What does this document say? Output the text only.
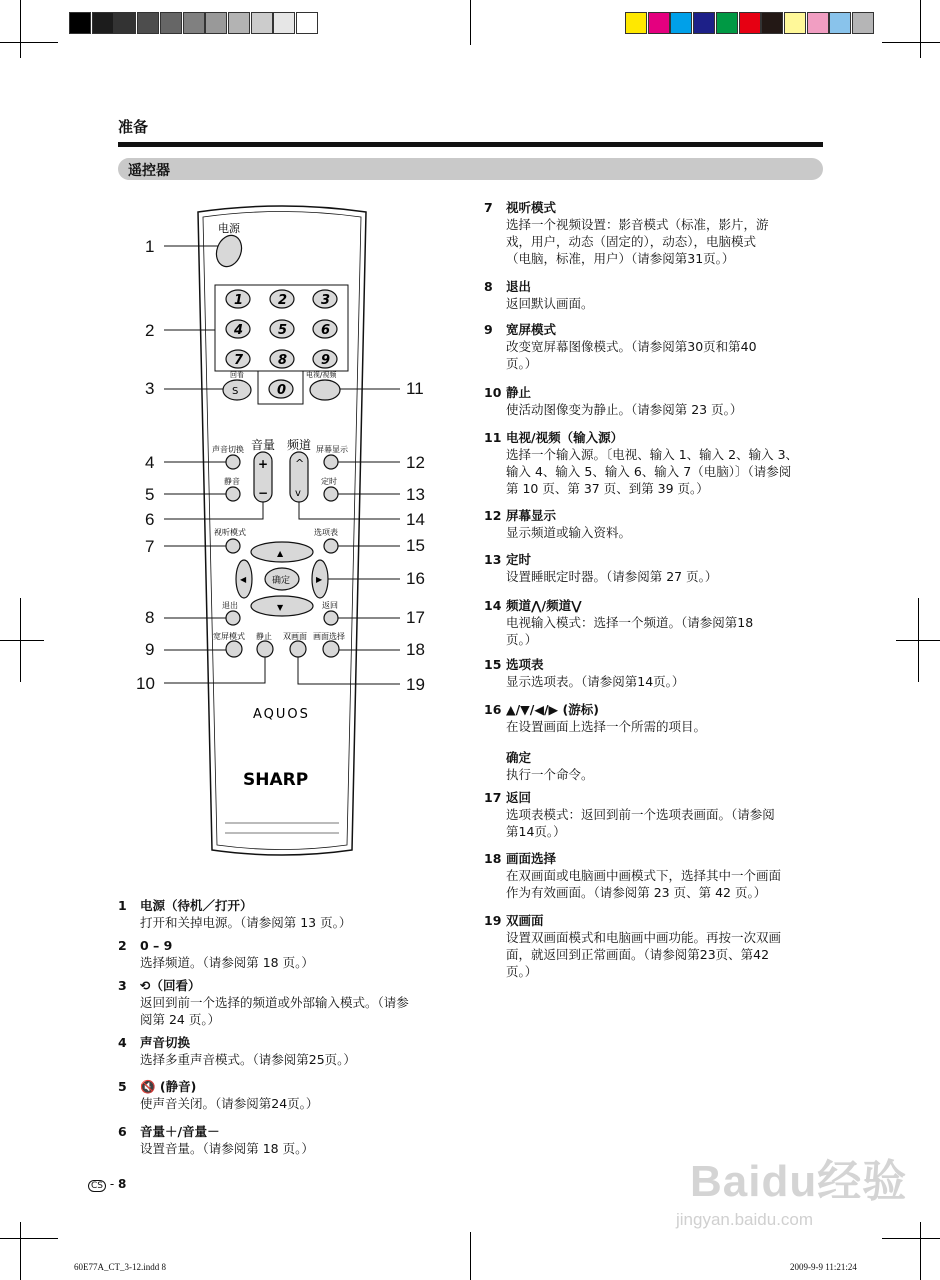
准备
遥控器
电源
1	2	3
4	5	6
7	8	9
0
回看
S
电视/视频
声音切换 音量
+
−
频道
^
v
屏幕显示
静音	定时
视听模式	选项表
▲
▼
◀	▶
确定
退出	返回
宽屏模式 静止 双画面 画面选择
AQUOS
SHARP
1
2
3
4
5
6
7
8
9
10
11
12
13
14
15
16
17
18
19
1	电源（待机／打开）
打开和关掉电源。（请参阅第 13 页。）
2	0 – 9
选择频道。（请参阅第 18 页。）
3	⟲（回看）
返回到前一个选择的频道或外部输入模式。（请参
阅第 24 页。）
4	声音切换
选择多重声音模式。（请参阅第25页。）
5	🔇 (静音)
使声音关闭。（请参阅第24页。）
6	音量＋/音量－
设置音量。（请参阅第 18 页。）
7	视听模式
选择一个视频设置：影音模式（标准，影片，游
戏，用户，动态（固定的），动态），电脑模式
（电脑，标准，用户）（请参阅第31页。）
8	退出
返回默认画面。
9	宽屏模式
改变宽屏幕图像模式。（请参阅第30页和第40
页。）
10 静止
使活动图像变为静止。（请参阅第 23 页。）
11 电视/视频（输入源）
选择一个输入源。〔电视、输入 1、输入 2、输入 3、
输入 4、输入 5、输入 6、输入 7（电脑）〕（请参阅
第 10 页、第 37 页、到第 39 页。）
12 屏幕显示
显示频道或输入资料。
13 定时
设置睡眠定时器。（请参阅第 27 页。）
14 频道⋀/频道⋁
电视输入模式：选择一个频道。（请参阅第18
页。）
15 选项表
显示选项表。（请参阅第14页。）
16 ▲/▼/◀/▶ (游标)
在设置画面上选择一个所需的项目。
确定
执行一个命令。
17 返回
选项表模式：返回到前一个选项表画面。（请参阅
第14页。）
18 画面选择
在双画面或电脑画中画模式下，选择其中一个画面
作为有效画面。（请参阅第 23 页、第 42 页。）
19 双画面
设置双画面模式和电脑画中画功能。再按一次双画
面，就返回到正常画面。（请参阅第23页、第42
页。）
CS - 8	Baidu经验
jingyan.baidu.com
60E77A_CT_3-12.indd 8	2009-9-9 11:21:24
